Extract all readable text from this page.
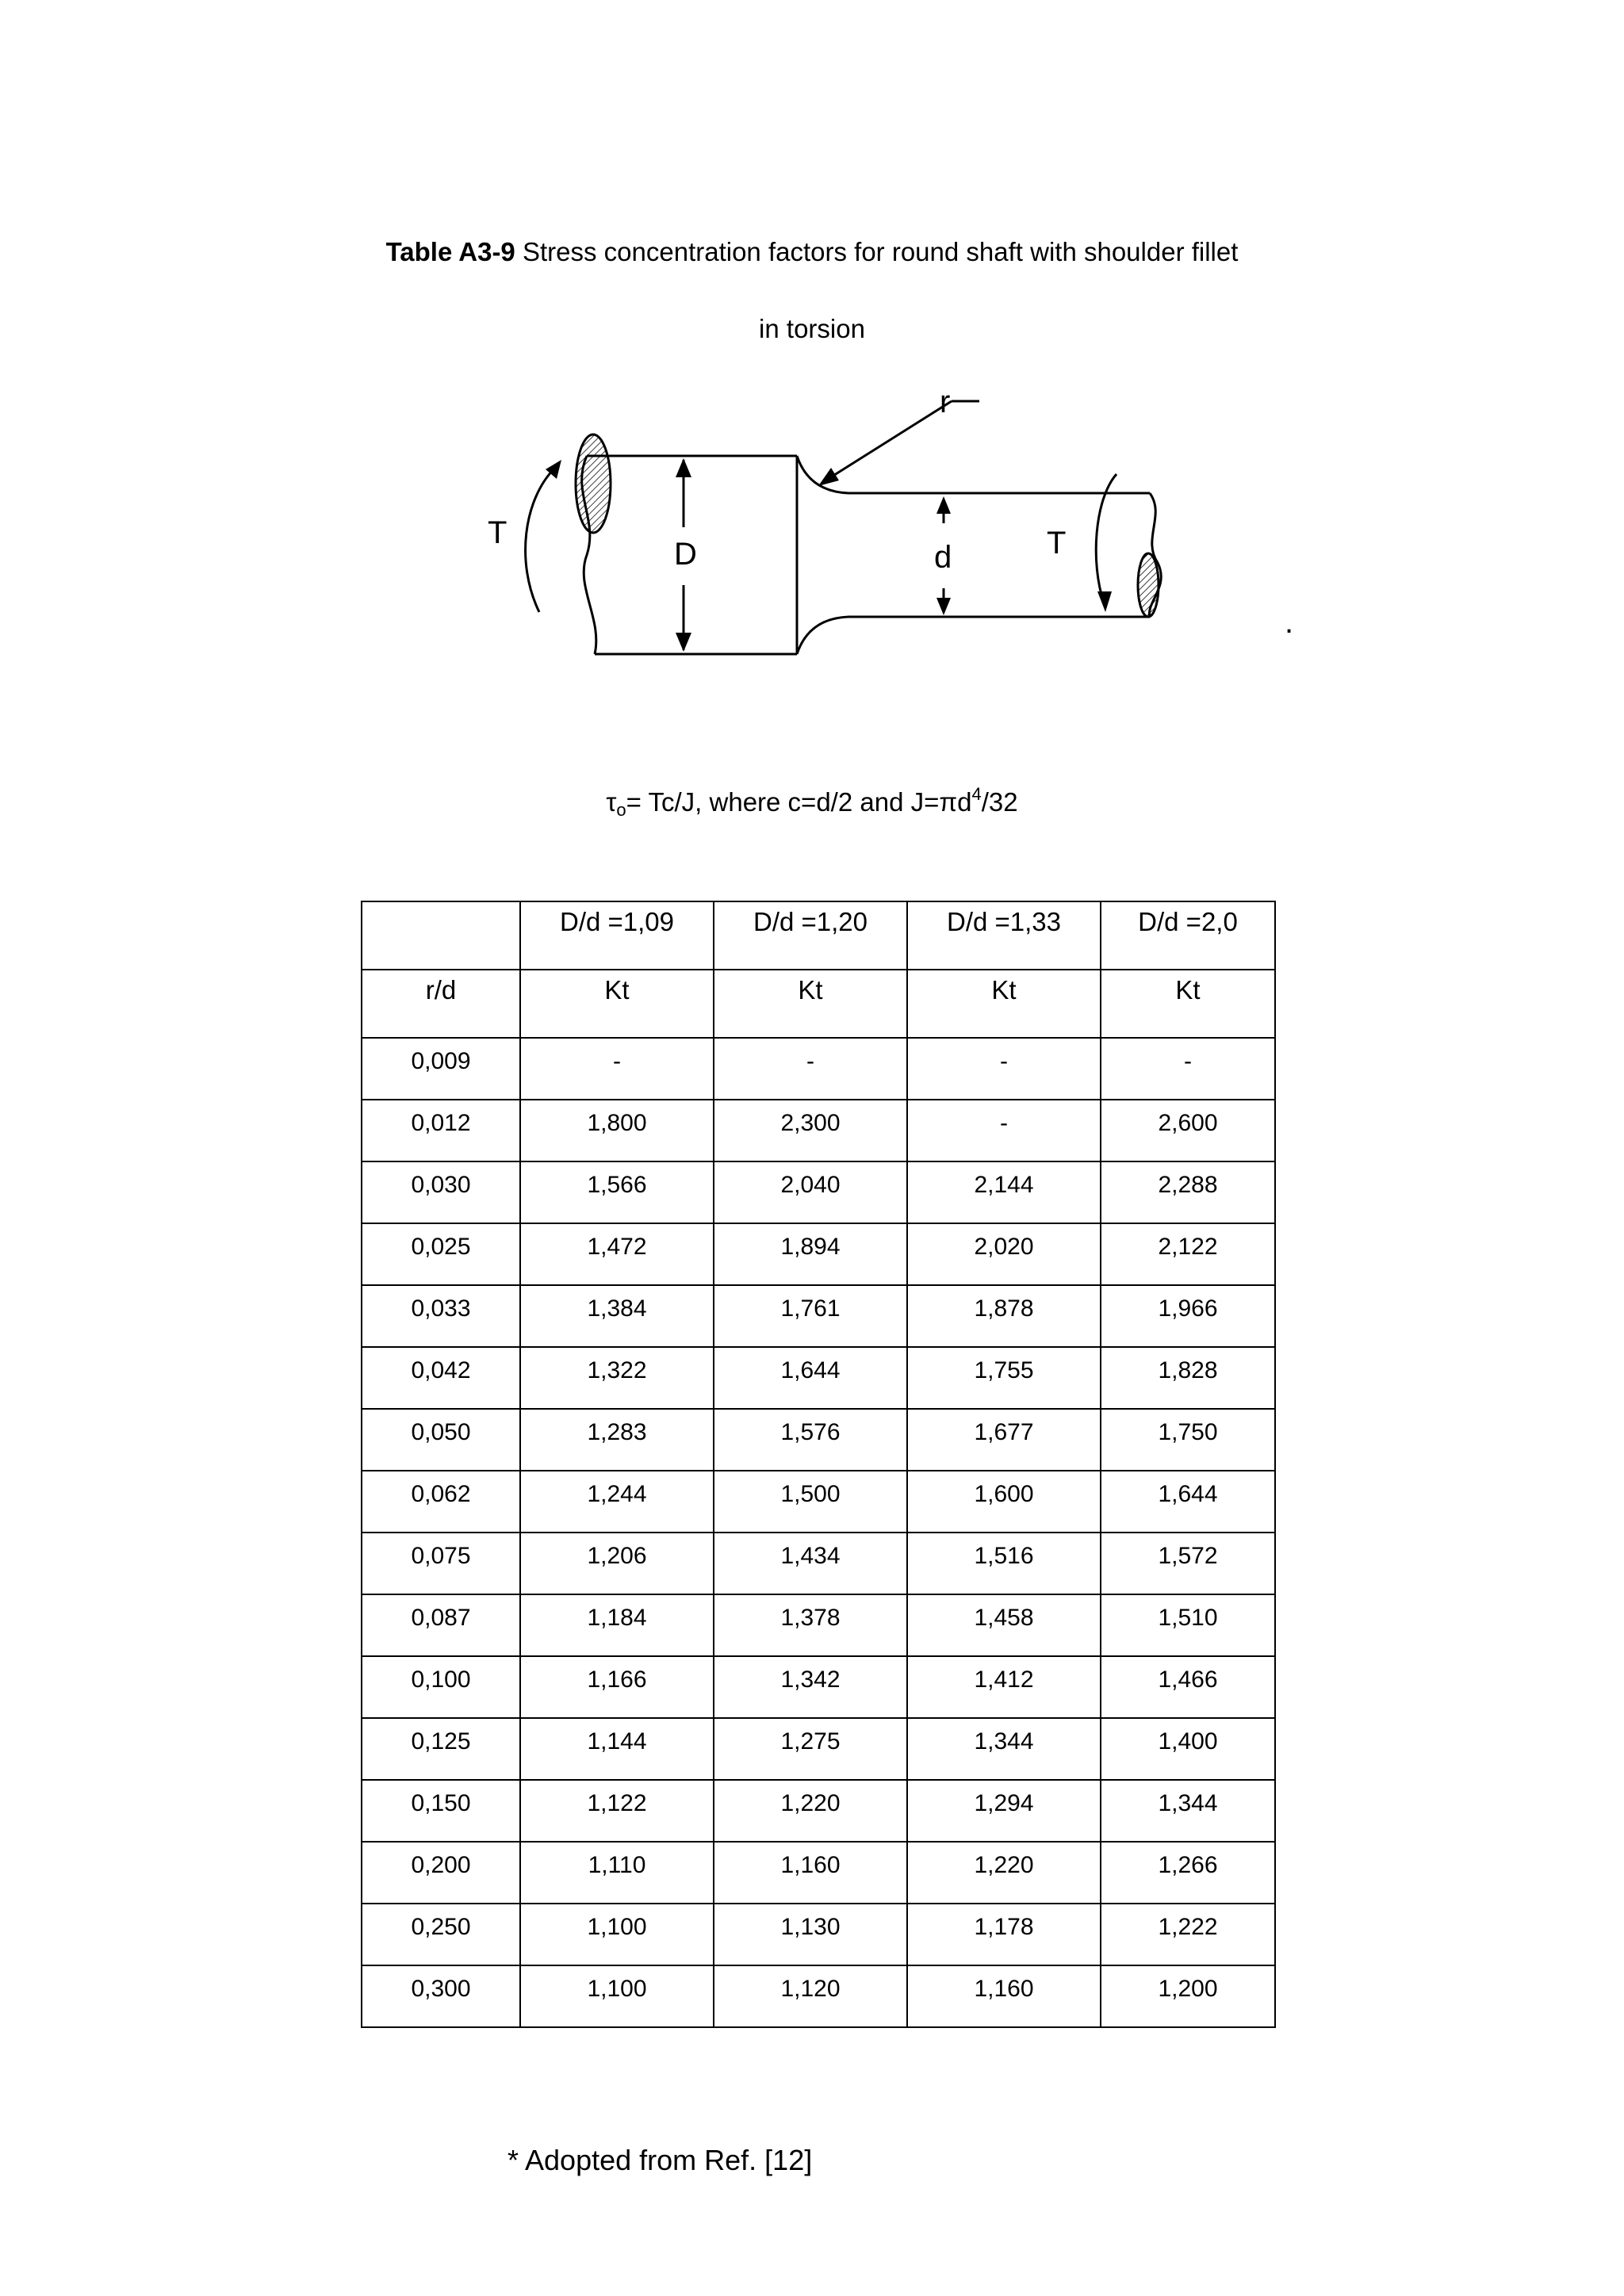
Table A3-9 Stress concentration factors for round shaft with shoulder fillet
in torsion
D	d
r
T	T
.
$\tau_o= Tc/J$, where c=d/2 and $J=\pi d^4/32$
	D/d =1,09	D/d =1,20	D/d =1,33	D/d =2,0
r/d	Kt	Kt	Kt	Kt
0,009	-	-	-	-
0,012	1,800	2,300	-	2,600
0,030	1,566	2,040	2,144	2,288
0,025	1,472	1,894	2,020	2,122
0,033	1,384	1,761	1,878	1,966
0,042	1,322	1,644	1,755	1,828
0,050	1,283	1,576	1,677	1,750
0,062	1,244	1,500	1,600	1,644
0,075	1,206	1,434	1,516	1,572
0,087	1,184	1,378	1,458	1,510
0,100	1,166	1,342	1,412	1,466
0,125	1,144	1,275	1,344	1,400
0,150	1,122	1,220	1,294	1,344
0,200	1,110	1,160	1,220	1,266
0,250	1,100	1,130	1,178	1,222
0,300	1,100	1,120	1,160	1,200
* Adopted from Ref. [12]
